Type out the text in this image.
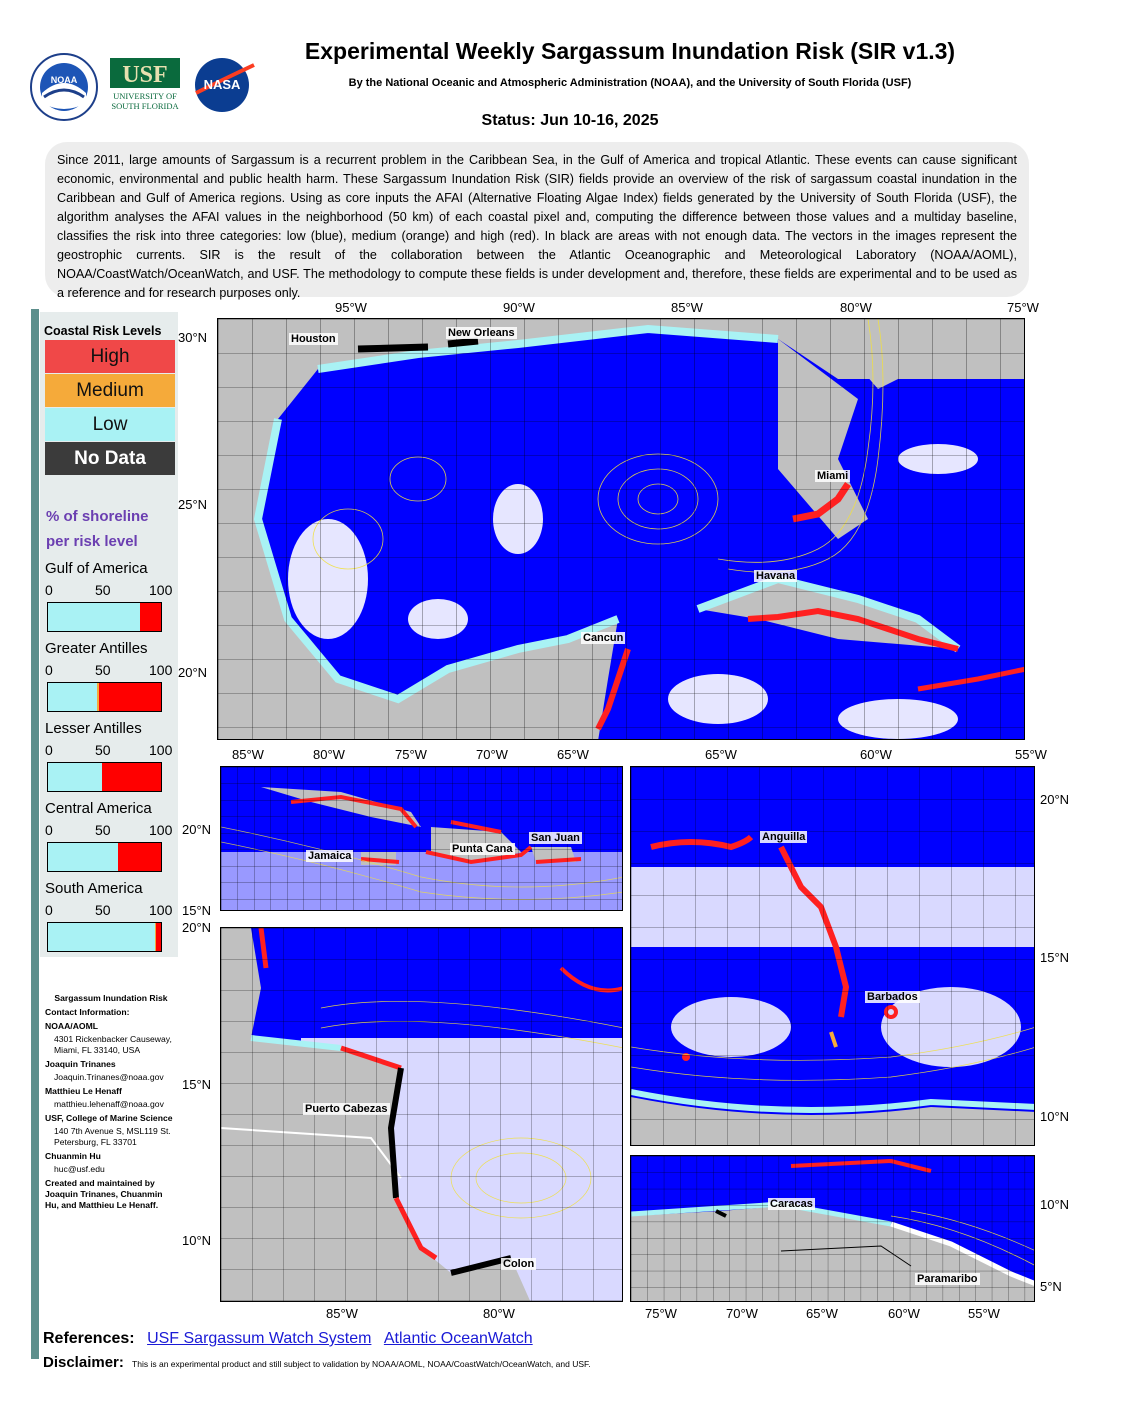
NOAA USF
UNIVERSITY OF
SOUTH FLORIDA
NASA
Experimental Weekly Sargassum Inundation Risk (SIR v1.3)
By the National Oceanic and Atmospheric Administration (NOAA), and the University of South Florida (USF)
Status: Jun 10-16, 2025
Since 2011, large amounts of Sargassum is a recurrent problem in the Caribbean Sea, in the Gulf of America and tropical Atlantic. These events can cause significant economic, environmental and public health harm. These Sargassum Inundation Risk (SIR) fields provide an overview of the risk of sargassum coastal inundation in the Caribbean and Gulf of America regions. Using as core inputs the AFAI (Alternative Floating Algae Index) fields generated by the University of South Florida (USF), the algorithm analyses the AFAI values in the neighborhood (50 km) of each coastal pixel and, computing the difference between those values and a multiday baseline, classifies the risk into three categories: low (blue), medium (orange) and high (red). In black are areas with not enough data. The vectors in the images represent the geostrophic currents. SIR is the result of the collaboration between the Atlantic Oceanographic and Meteorological Laboratory (NOAA/AOML), NOAA/CoastWatch/OceanWatch, and USF. The methodology to compute these fields is under development and, therefore, these fields are experimental and to be used as a reference and for research purposes only.
Coastal Risk Levels
High
Medium
Low
No Data
% of shoreline
per risk level
Gulf of America
0	50	100
Greater Antilles
0	50	100
Lesser Antilles
0	50	100
Central America
0	50	100
South America
0	50	100
Sargassum Inundation Risk
Contact Information:
NOAA/AOML
4301 Rickenbacker Causeway, Miami, FL 33140, USA
Joaquin Trinanes
Joaquin.Trinanes@noaa.gov
Matthieu Le Henaff
matthieu.lehenaff@noaa.gov
USF, College of Marine Science
140 7th Avenue S, MSL119 St. Petersburg, FL 33701
Chuanmin Hu
huc@usf.edu
Created and maintained by Joaquin Trinanes, Chuanmin Hu, and Matthieu Le Henaff.
95°W	90°W	85°W	80°W	75°W
30°N
25°N
20°N
Houston	New Orleans
Miami
Havana
Cancun
85°W	80°W	75°W	70°W	65°W
20°N
15°N
Jamaica
Punta Cana
San Juan
20°N
15°N
10°N
85°W	80°W
Puerto Cabezas
Colon
65°W	60°W	55°W
20°N
15°N
10°N
Anguilla
Barbados
75°W	70°W	65°W	60°W	55°W
10°N
5°N
Caracas
Paramaribo
References: USF Sargassum Watch System Atlantic OceanWatch
Disclaimer: This is an experimental product and still subject to validation by NOAA/AOML, NOAA/CoastWatch/OceanWatch, and USF.
